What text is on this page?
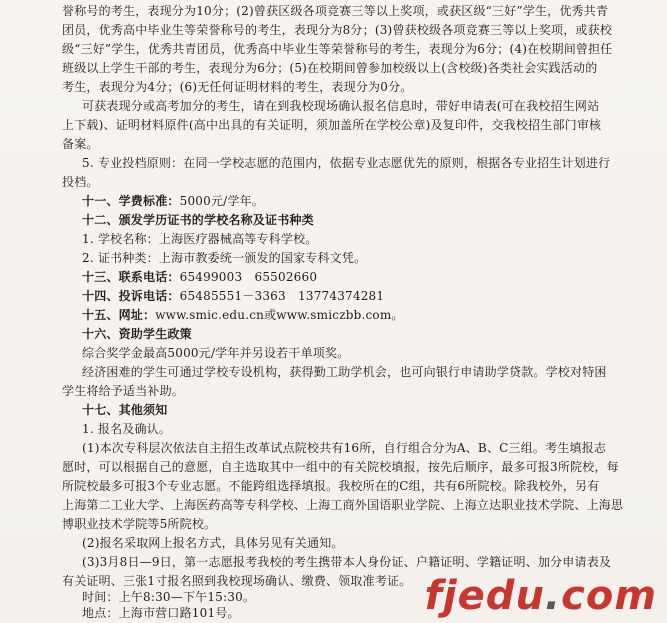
誉称号的考生，表现分为10分；(2)曾获区级各项竞赛三等以上奖项，或获区级“三好”学生，优秀共青
团员，优秀高中毕业生等荣誉称号的考生，表现分为8分；(3)曾获校级各项竞赛三等以上奖项，或获校
级“三好”学生，优秀共青团员，优秀高中毕业生等荣誉称号的考生，表现分为6分；(4)在校期间曾担任
班级以上学生干部的考生，表现分为6分；(5)在校期间曾参加校级以上(含校级)各类社会实践活动的
考生，表现分为4分；(6)无任何证明材料的考生，表现分为0分。
可获表现分或高考加分的考生，请在到我校现场确认报名信息时，带好申请表(可在我校招生网站
上下载)、证明材料原件(高中出具的有关证明，须加盖所在学校公章)及复印件，交我校招生部门审核
备案。
5. 专业投档原则：在同一学校志愿的范围内，依据专业志愿优先的原则，根据各专业招生计划进行
投档。
十一、学费标准：5000元/学年。
十二、颁发学历证书的学校名称及证书种类
1. 学校名称：上海医疗器械高等专科学校。
2. 证书种类：上海市教委统一颁发的国家专科文凭。
十三、联系电话：65499003　65502660
十四、投诉电话：65485551－3363　13774374281
十五、网址：www.smic.edu.cn或www.smiczbb.com。
十六、资助学生政策
综合奖学金最高5000元/学年并另设若干单项奖。
经济困难的学生可通过学校专设机构，获得勤工助学机会，也可向银行申请助学贷款。学校对特困
学生将给予适当补助。
十七、其他须知
1. 报名及确认。
(1)本次专科层次依法自主招生改革试点院校共有16所，自行组合分为A、B、C三组。考生填报志
愿时，可以根据自己的意愿，自主选取其中一组中的有关院校填报，按先后顺序，最多可报3所院校，每
所院校最多可报3个专业志愿。不能跨组选择填报。我校所在的C组，共有6所院校。除我校外，另有
上海第二工业大学、上海医药高等专科学校、上海工商外国语职业学院、上海立达职业技术学院、上海思
博职业技术学院等5所院校。
(2)报名采取网上报名方式，具体另见有关通知。
(3)3月8日—9日，第一志愿报考我校的考生携带本人身份证、户籍证明、学籍证明、加分申请表及
有关证明、三张1寸报名照到我校现场确认、缴费、领取准考证。
时间：上午8:30—下午15:30。
地点：上海市营口路101号。	fjedu.com
